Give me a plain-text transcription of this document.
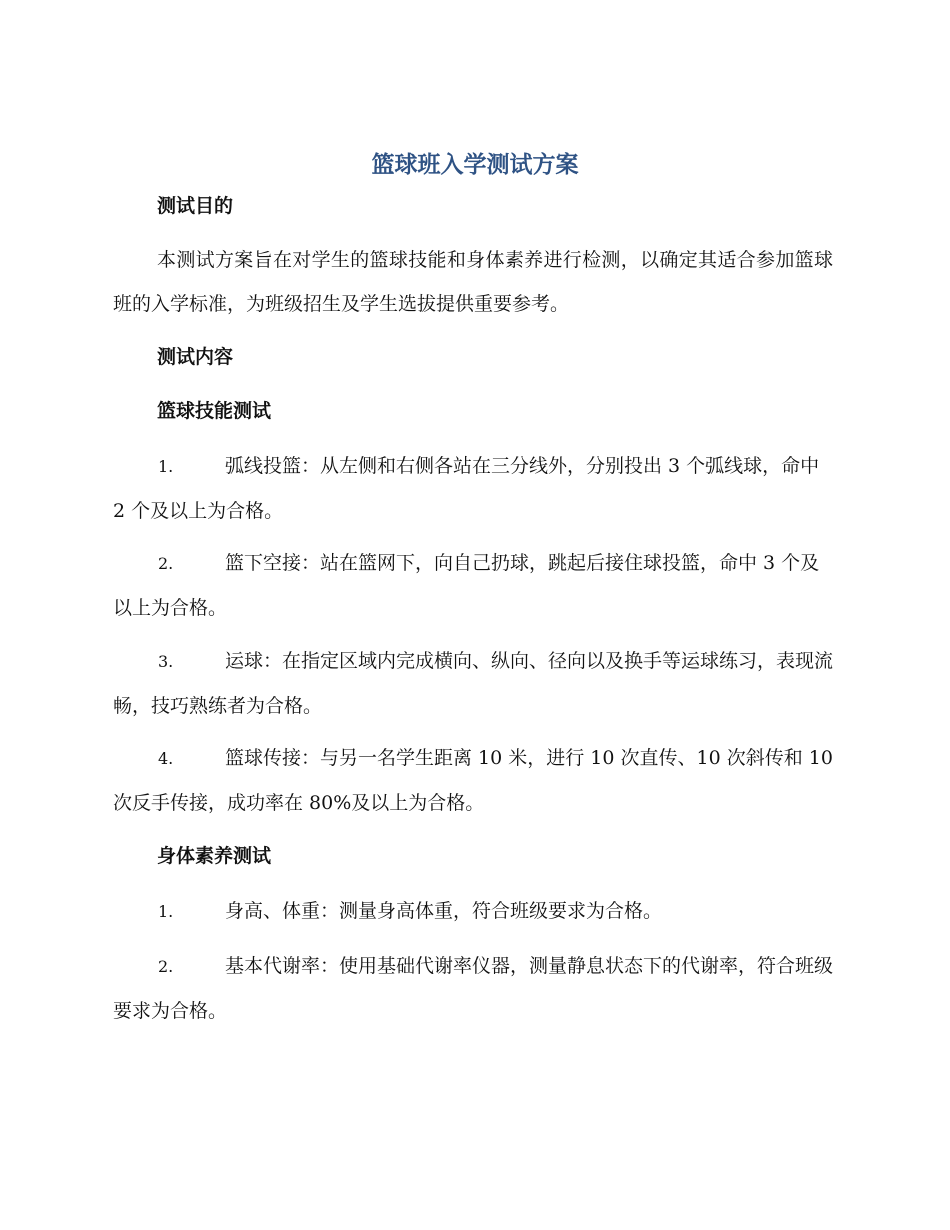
篮球班入学测试方案
测试目的
本测试方案旨在对学生的篮球技能和身体素养进行检测，以确定其适合参加篮球班的入学标准，为班级招生及学生选拔提供重要参考。
测试内容
篮球技能测试
1.	弧线投篮：从左侧和右侧各站在三分线外，分别投出 3 个弧线球，命中 2 个及以上为合格。
2.	篮下空接：站在篮网下，向自己扔球，跳起后接住球投篮，命中 3 个及以上为合格。
3.	运球：在指定区域内完成横向、纵向、径向以及换手等运球练习，表现流畅，技巧熟练者为合格。
4.	篮球传接：与另一名学生距离 10 米，进行 10 次直传、10 次斜传和 10 次反手传接，成功率在 80%及以上为合格。
身体素养测试
1.	身高、体重：测量身高体重，符合班级要求为合格。
2.	基本代谢率：使用基础代谢率仪器，测量静息状态下的代谢率，符合班级要求为合格。
